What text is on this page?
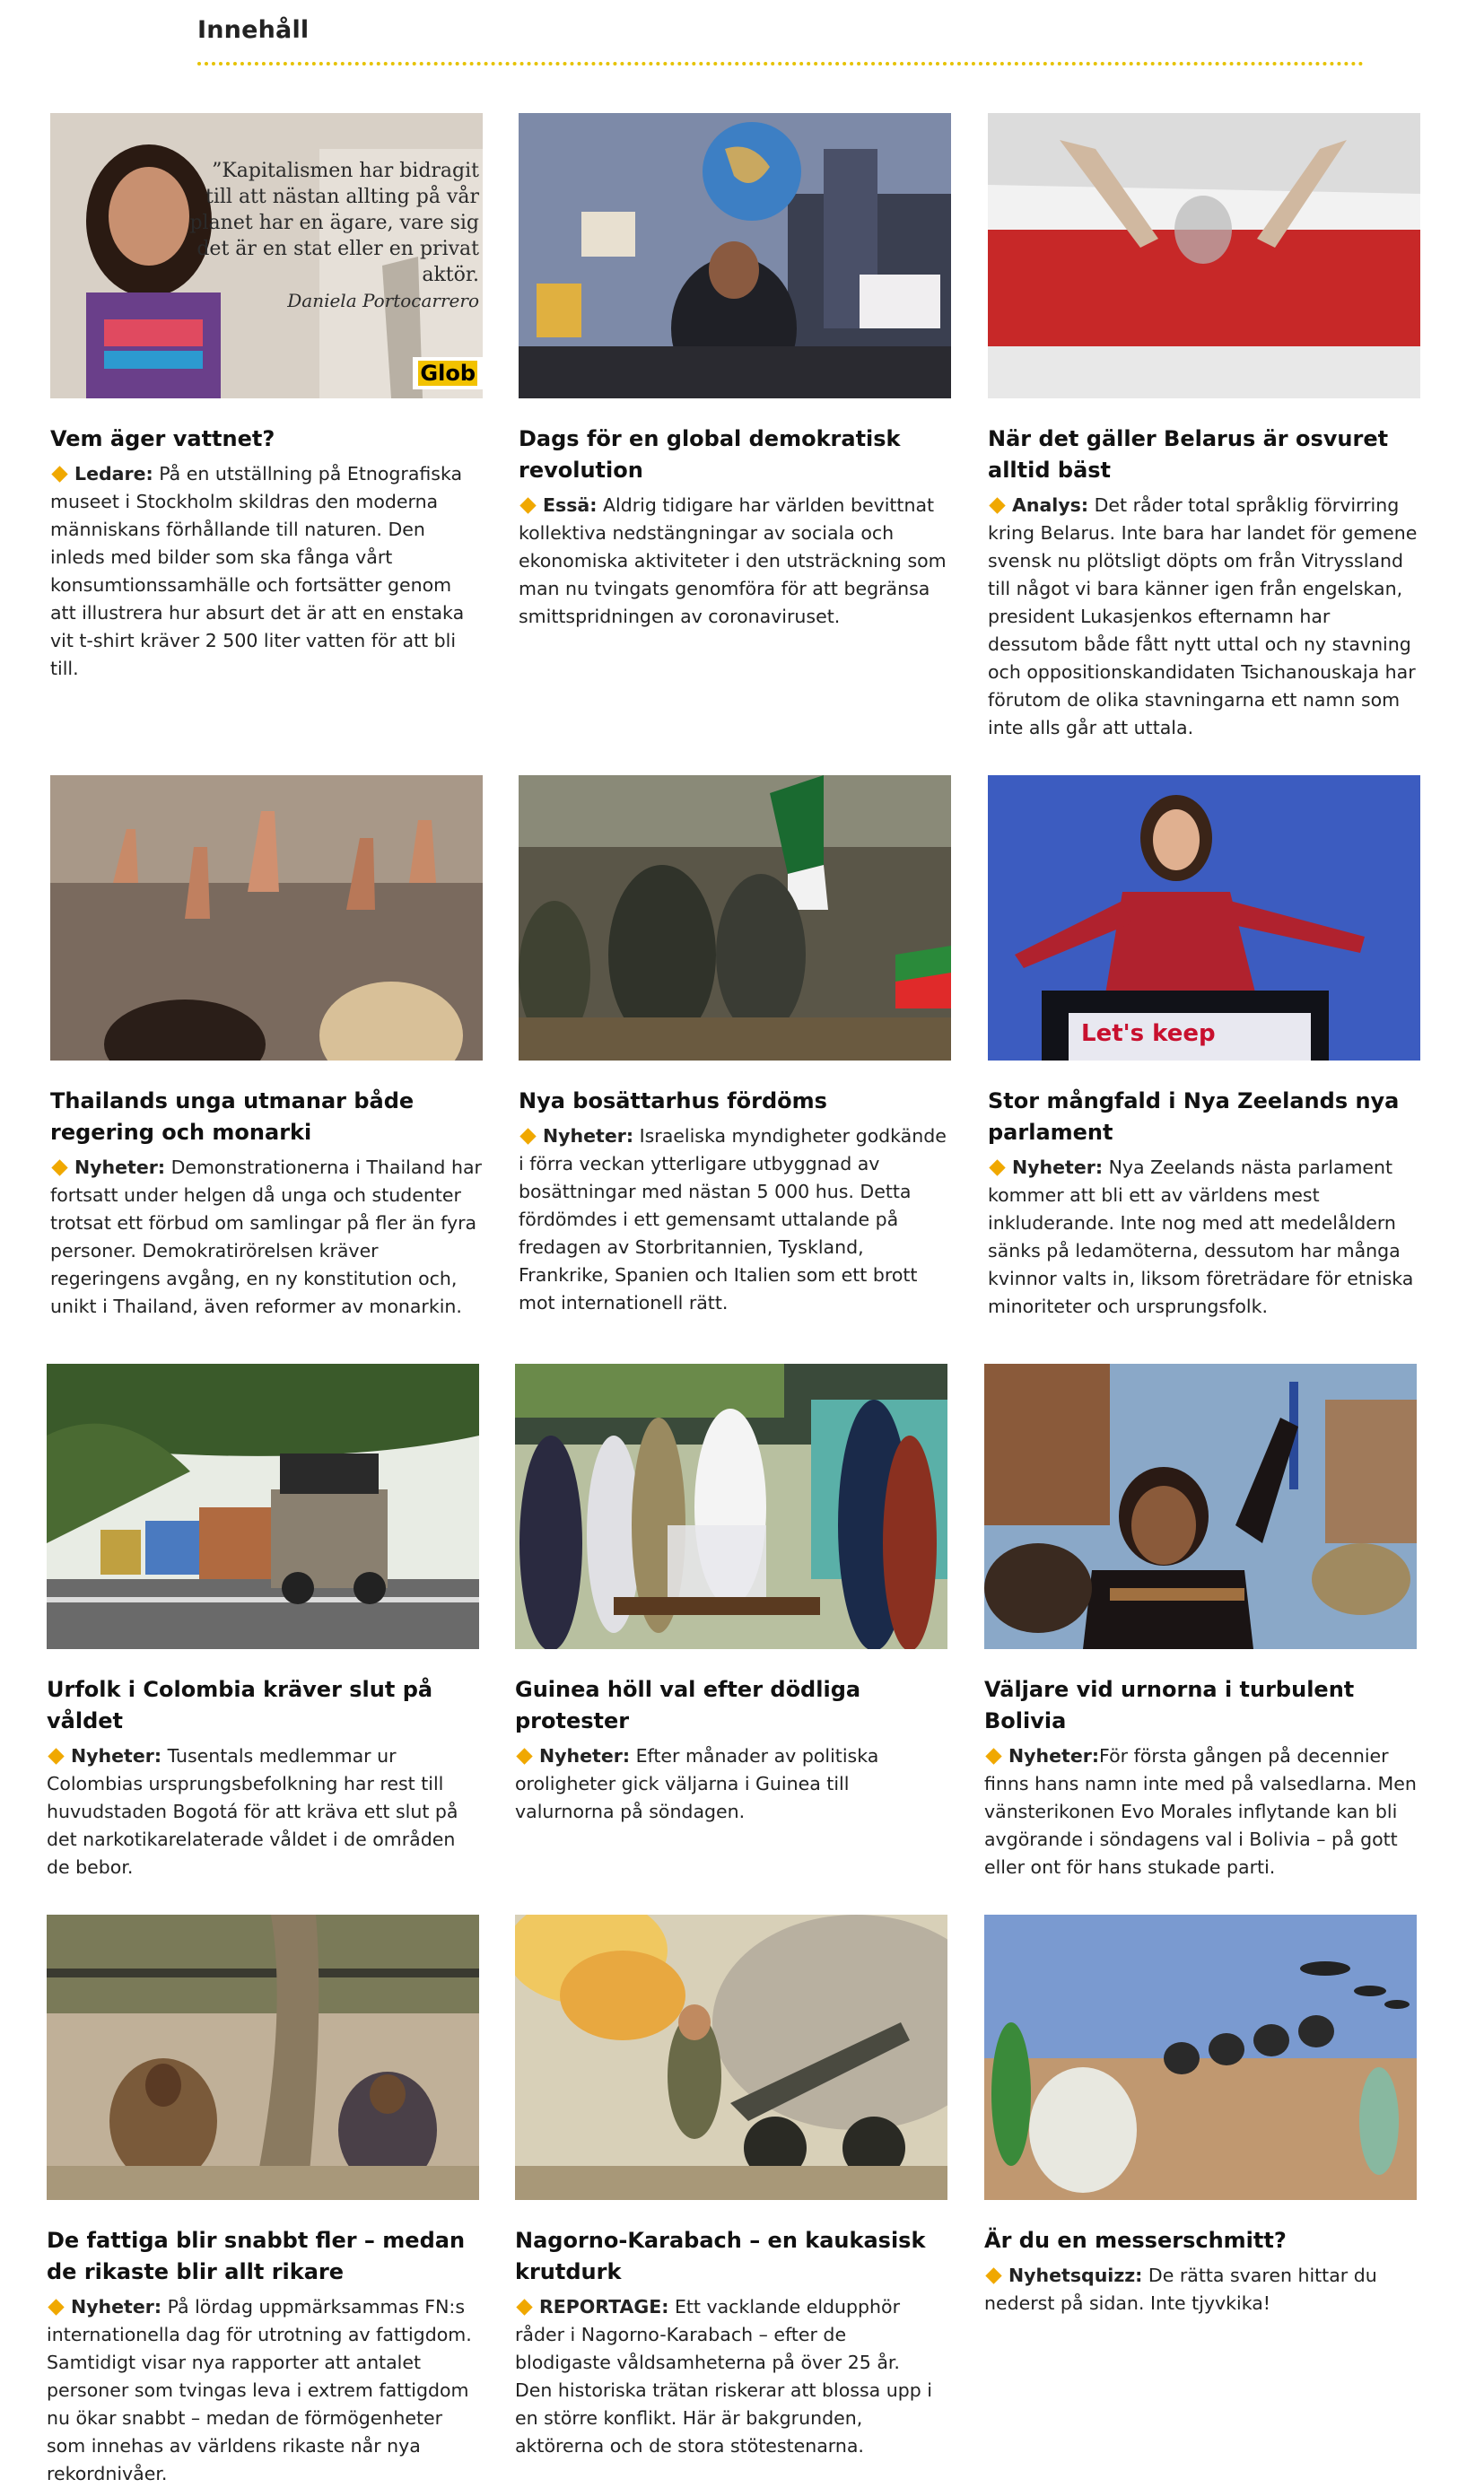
Innehåll
”Kapitalismen har bidragit till att nästan allting på vår planet har en ägare, vare sig det är en stat eller en privat aktör.
Daniela Portocarrero
Glob
Vem äger vattnet?

Ledare: På en utställning på Etnografiska museet i Stockholm skildras den moderna människans förhållande till naturen. Den inleds med bilder som ska fånga vårt konsumtionssamhälle och fortsätter genom att illustrera hur absurt det är att en enstaka vit t-shirt kräver 2 500 liter vatten för att bli till.

Dags för en global demokratisk revolution

Essä: Aldrig tidigare har världen bevittnat kollektiva nedstängningar av sociala och ekonomiska aktiviteter i den utsträckning som man nu tvingats genomföra för att begränsa smittspridningen av coronaviruset.

När det gäller Belarus är osvuret alltid bäst

Analys: Det råder total språklig förvirring kring Belarus. Inte bara har landet för gemene svensk nu plötsligt döpts om från Vitryssland till något vi bara känner igen från engelskan, president Lukasjenkos efternamn har dessutom både fått nytt uttal och ny stavning och oppositionskandidaten Tsichanouskaja har förutom de olika stavningarna ett namn som inte alls går att uttala.

Thailands unga utmanar både regering och monarki

Nyheter: Demonstrationerna i Thailand har fortsatt under helgen då unga och studenter trotsat ett förbud om samlingar på fler än fyra personer. Demokratirörelsen kräver regeringens avgång, en ny konstitution och, unikt i Thailand, även reformer av monarkin.

Nya bosättarhus fördöms

Nyheter: Israeliska myndigheter godkände i förra veckan ytterligare utbyggnad av bosättningar med nästan 5 000 hus. Detta fördömdes i ett gemensamt uttalande på fredagen av Storbritannien, Tyskland, Frankrike, Spanien och Italien som ett brott mot internationell rätt.

Let's keep
Stor mångfald i Nya Zeelands nya parlament

Nyheter: Nya Zeelands nästa parlament kommer att bli ett av världens mest inkluderande. Inte nog med att medelåldern sänks på ledamöterna, dessutom har många kvinnor valts in, liksom företrädare för etniska minoriteter och ursprungsfolk.

Urfolk i Colombia kräver slut på våldet

Nyheter: Tusentals medlemmar ur Colombias ursprungsbefolkning har rest till huvudstaden Bogotá för att kräva ett slut på det narkotikarelaterade våldet i de områden de bebor.

Guinea höll val efter dödliga protester

Nyheter: Efter månader av politiska oroligheter gick väljarna i Guinea till valurnorna på söndagen.

Väljare vid urnorna i turbulent Bolivia

Nyheter:För första gången på decennier finns hans namn inte med på valsedlarna. Men vänsterikonen Evo Morales inflytande kan bli avgörande i söndagens val i Bolivia – på gott eller ont för hans stukade parti.

De fattiga blir snabbt fler – medan de rikaste blir allt rikare

Nyheter: På lördag uppmärksammas FN:s internationella dag för utrotning av fattigdom. Samtidigt visar nya rapporter att antalet personer som tvingas leva i extrem fattigdom nu ökar snabbt – medan de förmögenheter som innehas av världens rikaste når nya rekordnivåer.

Nagorno-Karabach – en kaukasisk krutdurk

REPORTAGE: Ett vacklande eldupphör råder i Nagorno-Karabach – efter de blodigaste våldsamheterna på över 25 år.
Den historiska trätan riskerar att blossa upp i en större konflikt. Här är bakgrunden, aktörerna och de stora stötestenarna.

Är du en messerschmitt?

Nyhetsquizz: De rätta svaren hittar du nederst på sidan. Inte tjyvkika!
